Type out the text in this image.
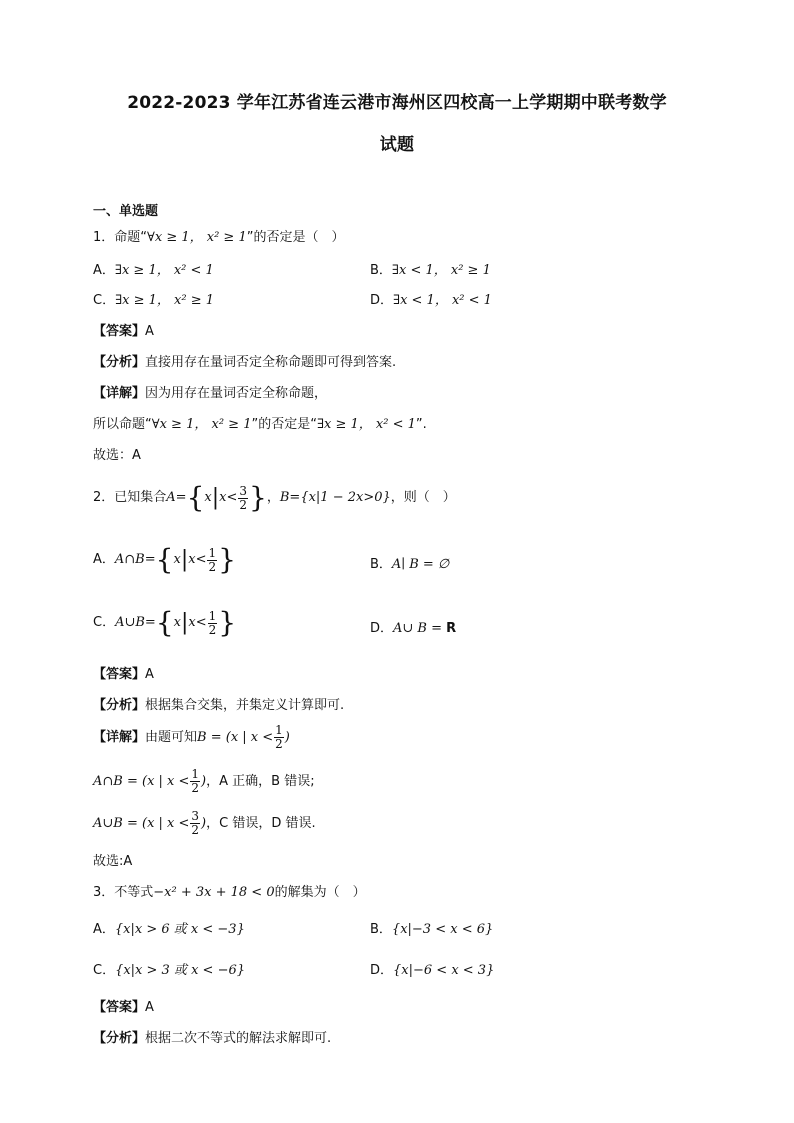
2022-2023 学年江苏省连云港市海州区四校高一上学期期中联考数学
试题
一、单选题
1．命题“∀x ≥ 1， x² ≥ 1”的否定是（　）
A．∃x ≥ 1， x² < 1	B．∃x < 1， x² ≥ 1
C．∃x ≥ 1， x² ≥ 1	D．∃x < 1， x² < 1
【答案】A
【分析】直接用存在量词否定全称命题即可得到答案.
【详解】因为用存在量词否定全称命题，
所以命题“∀x ≥ 1， x² ≥ 1”的否定是“∃x ≥ 1， x² < 1”.
故选：A
2．已知集合 A= { x | $x< \frac{3}{2}$ } ， B={x|1 − 2x>0} ，则（　）
A． A∩B= { x | $x< \frac{1}{2}$ }	B．A∣ B = ∅
C． A∪B= { x | $x< \frac{1}{2}$ }	D．A∪ B = R
【答案】A
【分析】根据集合交集，并集定义计算即可.
【详解】 由题可知 B = (x | $x < \frac{1}{2}$ )
A∩B = (x | $x < \frac{1}{2}$ ) ，A 正确，B 错误;
A∪B = (x | $x < \frac{3}{2}$ ) ，C 错误，D 错误.
故选:A
3．不等式−x² + 3x + 18 < 0的解集为（　）
A．{x|x > 6 或 x < −3}	B．{x|−3 < x < 6}
C．{x|x > 3 或 x < −6}	D．{x|−6 < x < 3}
【答案】A
【分析】根据二次不等式的解法求解即可.
